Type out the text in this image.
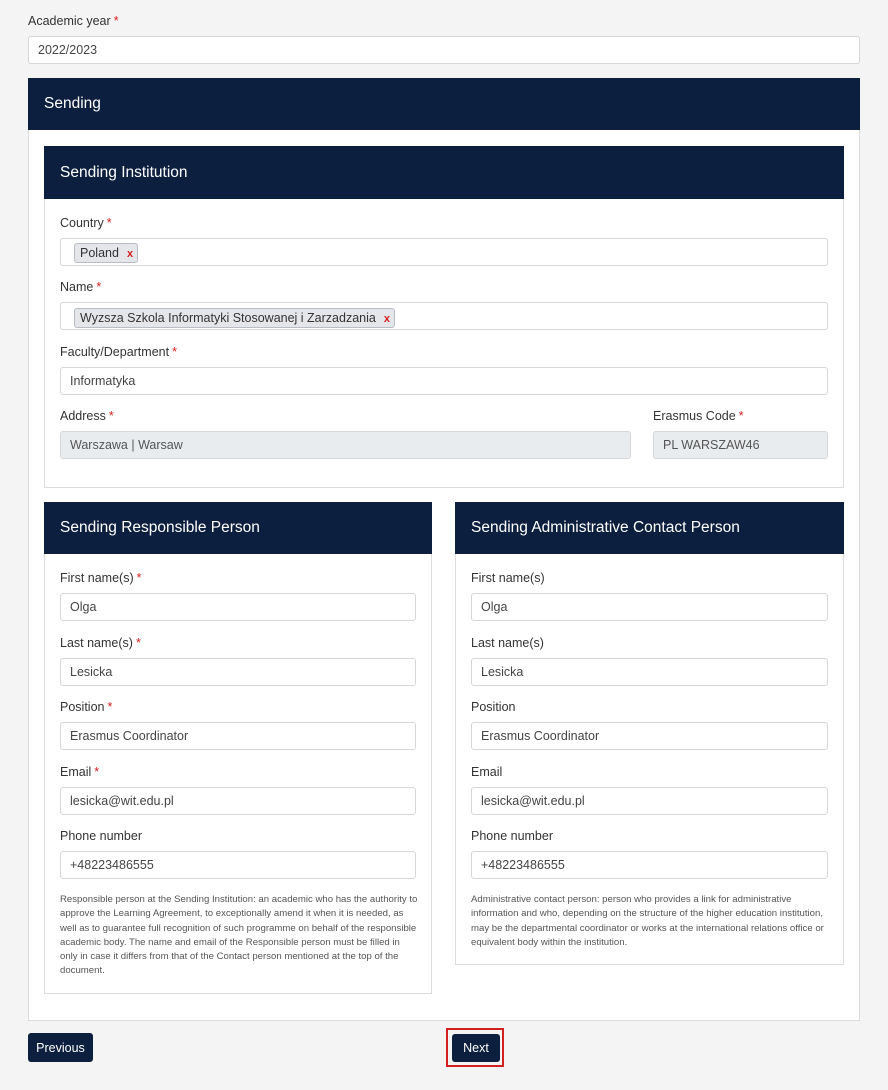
Academic year *
2022/2023
Sending
Sending Institution
Country *
Poland x
Name *
Wyzsza Szkola Informatyki Stosowanej i Zarzadzania x
Faculty/Department *
Informatyka
Address *
Warszawa | Warsaw	Erasmus Code *
PL WARSZAW46
Sending Responsible Person
First name(s) *
Olga
Last name(s) *
Lesicka
Position *
Erasmus Coordinator
Email *
lesicka@wit.edu.pl
Phone number
+48223486555
Responsible person at the Sending Institution: an academic who has the authority to approve the Learning Agreement, to exceptionally amend it when it is needed, as well as to guarantee full recognition of such programme on behalf of the responsible academic body. The name and email of the Responsible person must be filled in only in case it differs from that of the Contact person mentioned at the top of the document.
Sending Administrative Contact Person
First name(s)
Olga
Last name(s)
Lesicka
Position
Erasmus Coordinator
Email
lesicka@wit.edu.pl
Phone number
+48223486555
Administrative contact person: person who provides a link for administrative information and who, depending on the structure of the higher education institution, may be the departmental coordinator or works at the international relations office or equivalent body within the institution.
Previous	Next
